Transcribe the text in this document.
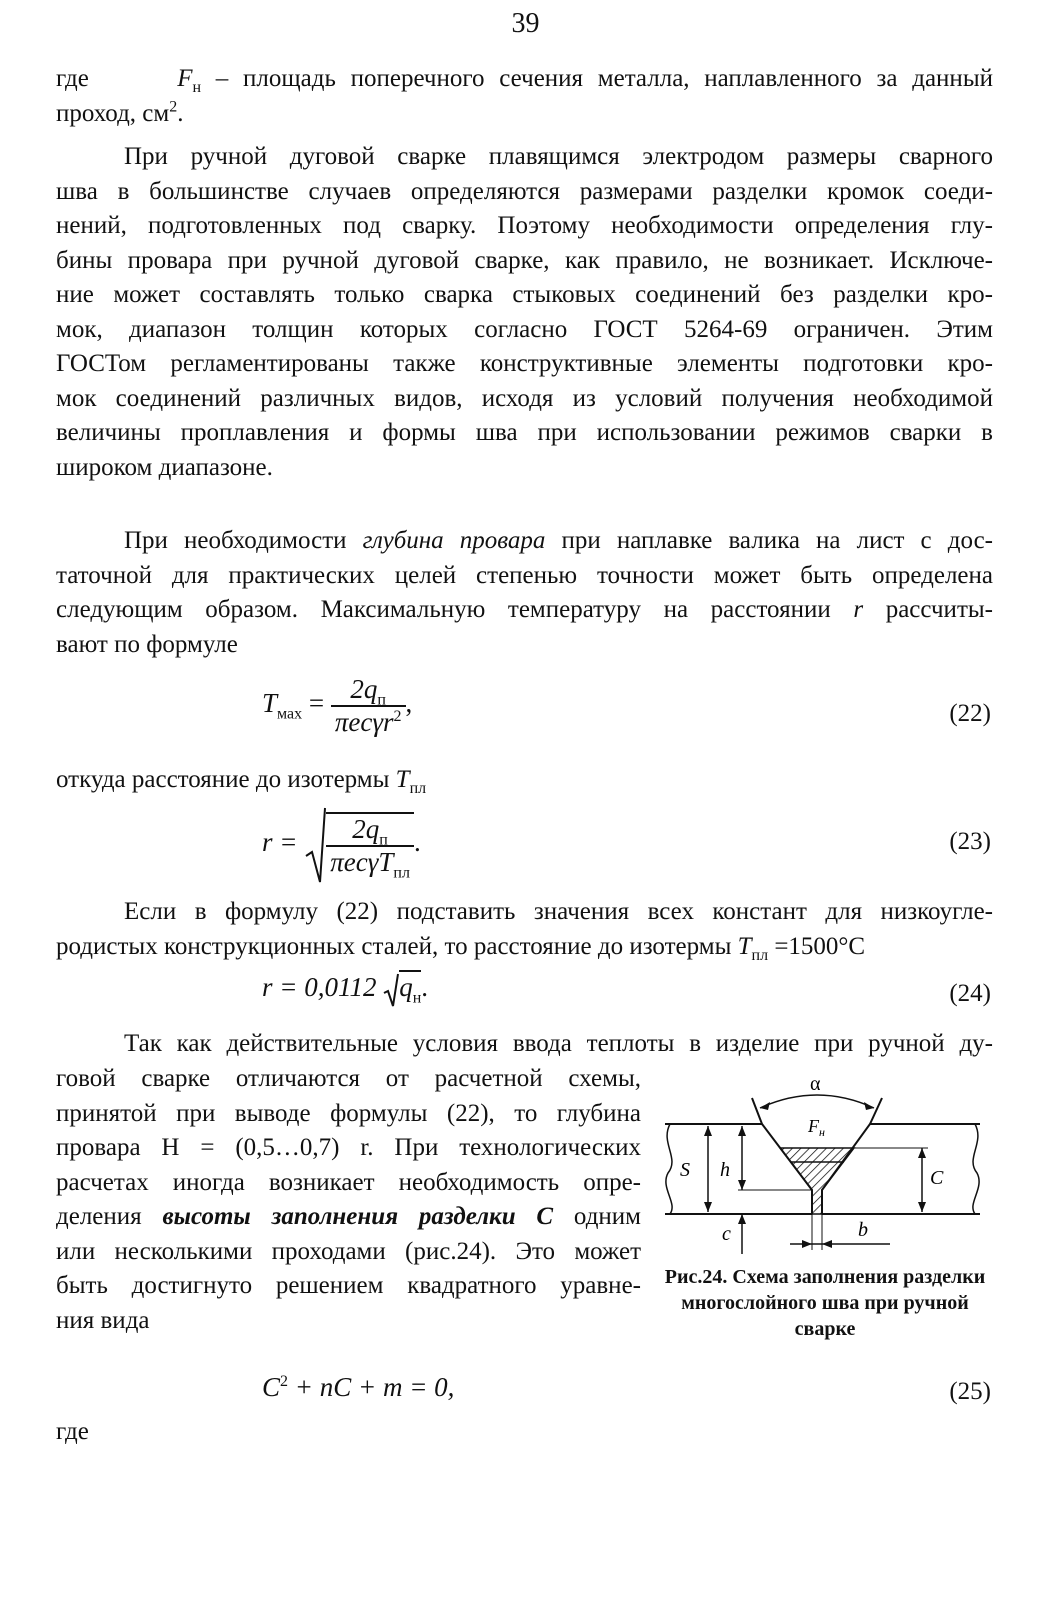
39
где	$F_н$ – площадь поперечного сечения металла, наплавленного за данный
проход, $см^2$.
При ручной дуговой сварке плавящимся электродом размеры сварного
шва в большинстве случаев определяются размерами разделки кромок соеди-
нений, подготовленных под сварку. Поэтому необходимости определения глу-
бины провара при ручной дуговой сварке, как правило, не возникает. Исключе-
ние может составлять только сварка стыковых соединений без разделки кро-
мок, диапазон толщин которых согласно ГОСТ 5264-69 ограничен. Этим
ГОСТом регламентированы также конструктивные элементы подготовки кро-
мок соединений различных видов, исходя из условий получения необходимой
величины проплавления и формы шва при использовании режимов сварки в
широком диапазоне.
При необходимости глубина провара при наплавке валика на лист с дос-
таточной для практических целей степенью точности может быть определена
следующим образом. Максимальную температуру на расстоянии r рассчиты-
вают по формуле
$T_{мах} = \frac{2q_п}{\pi ec\gamma r^2}$ ,	(22)
откуда расстояние до изотермы $T_{пл}$
$r = \frac{2q_п}{\pi ec\gamma T_{пл}}$ .	(23)
Если в формулу (22) подставить значения всех констант для низкоугле-
родистых конструкционных сталей, то расстояние до изотермы $T_{пл} =1500^\circ C$
r = 0,0112 $q_н$.	(24)
Так как действительные условия ввода теплоты в изделие при ручной ду-
говой сварке отличаются от расчетной схемы,
принятой при выводе формулы (22), то глубина
провара H = (0,5…0,7) r. При технологических
расчетах иногда возникает необходимость опре-
деления высоты заполнения разделки C одним
или несколькими проходами (рис.24). Это может
быть достигнуто решением квадратного уравне-
ния вида
α
$F_н$
S h	C
c	b
Рис.24. Схема заполнения разделки многослойного шва при ручной сварке
$C^2$ + nC + m = 0,	(25)
где
